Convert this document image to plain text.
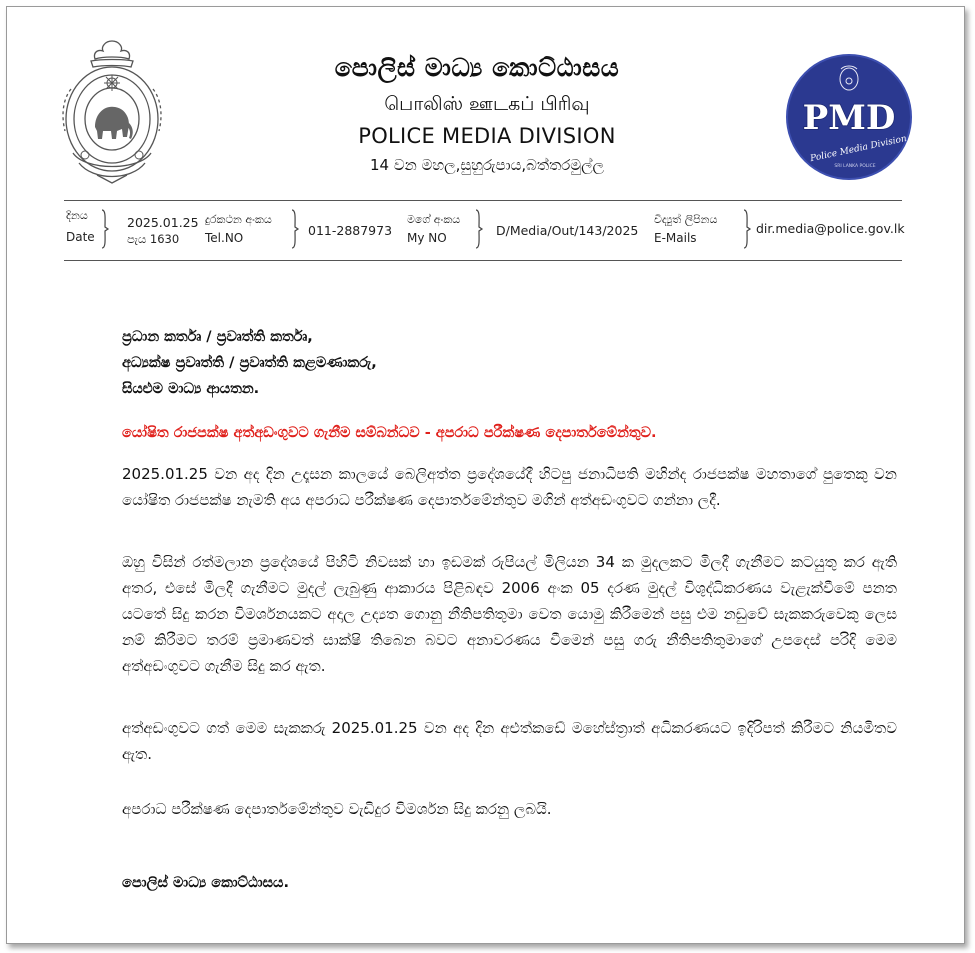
පොලිස් මාධ්‍ය කොට්ඨාසය
பொலிஸ் ஊடகப் பிரிவு
POLICE MEDIA DIVISION
14 වන මහල,සුහුරුපාය,බත්තරමුල්ල
PMD
Police Media Division
SRI LANKA POLICE
දිනය
Date
2025.01.25
පැය 1630
දුරකථන අංකය
Tel.NO	011-2887973
මගේ අංකය
My NO	D/Media/Out/143/2025
විද්‍යුත් ලිපිනය
E-Mails
dir.media@police.gov.lk
ප්‍රධාන කර්තෘ / ප්‍රවෘත්ති කර්තෘ,
අධ්‍යක්ෂ ප්‍රවෘත්ති / ප්‍රවෘත්ති කළමණාකරු,
සියළුම මාධ්‍ය ආයතන.
යෝෂිත රාජපක්ෂ අත්අඩංගුවට ගැනීම සම්බන්ධව - අපරාධ පරීක්ෂණ දෙපාර්තමේන්තුව.
2025.01.25 වන අද දින උදෑසන කාලයේ බෙලිඅත්ත ප්‍රදේශයේදී හිටපු ජනාධිපති මහින්ද රාජපක්ෂ මහතාගේ පුතෙකු වන යෝෂිත රාජපක්ෂ නැමති අය අපරාධ පරීක්ෂණ දෙපාර්තමේන්තුව මගින් අත්අඩංගුවට ගන්නා ලදී.
ඔහු විසින් රත්මලාන ප්‍රදේශයේ පිහිටි නිවසක් හා ඉඩමක් රුපියල් මිලියන 34 ක මුදලකට මිලදී ගැනීමට කටයුතු කර ඇති අතර, එසේ මිලදී ගැනීමට මුදල් ලැබුණු ආකාරය පිළිබඳව 2006 අංක 05 දරණ මුදල් විශුද්ධිකරණය වැළැක්වීමේ පනත යටතේ සිදු කරන විමර්ශනයකට අදාල උද්‍යත ගොනු නීතිපතිතුමා වෙත යොමු කිරීමෙන් පසු එම නඩුවේ සැකකරුවෙකු ලෙස නම් කිරීමට තරම් ප්‍රමාණවත් සාක්ෂි තිබෙන බවට අනාවරණය වීමෙන් පසු ගරු නීතිපතිතුමාගේ උපදෙස් පරිදි මෙම අත්අඩංගුවට ගැනීම සිදු කර ඇත.
අත්අඩංගුවට ගත් මෙම සැකකරු 2025.01.25 වන අද දින අළුත්කඩේ මහේස්ත්‍රාත් අධිකරණයට ඉදිරිපත් කිරීමට නියමිතව ඇත.
අපරාධ පරීක්ෂණ දෙපාර්තමේන්තුව වැඩිදුර විමර්ශන සිදු කරනු ලබයි.
පොලිස් මාධ්‍ය කොට්ඨාසය.
